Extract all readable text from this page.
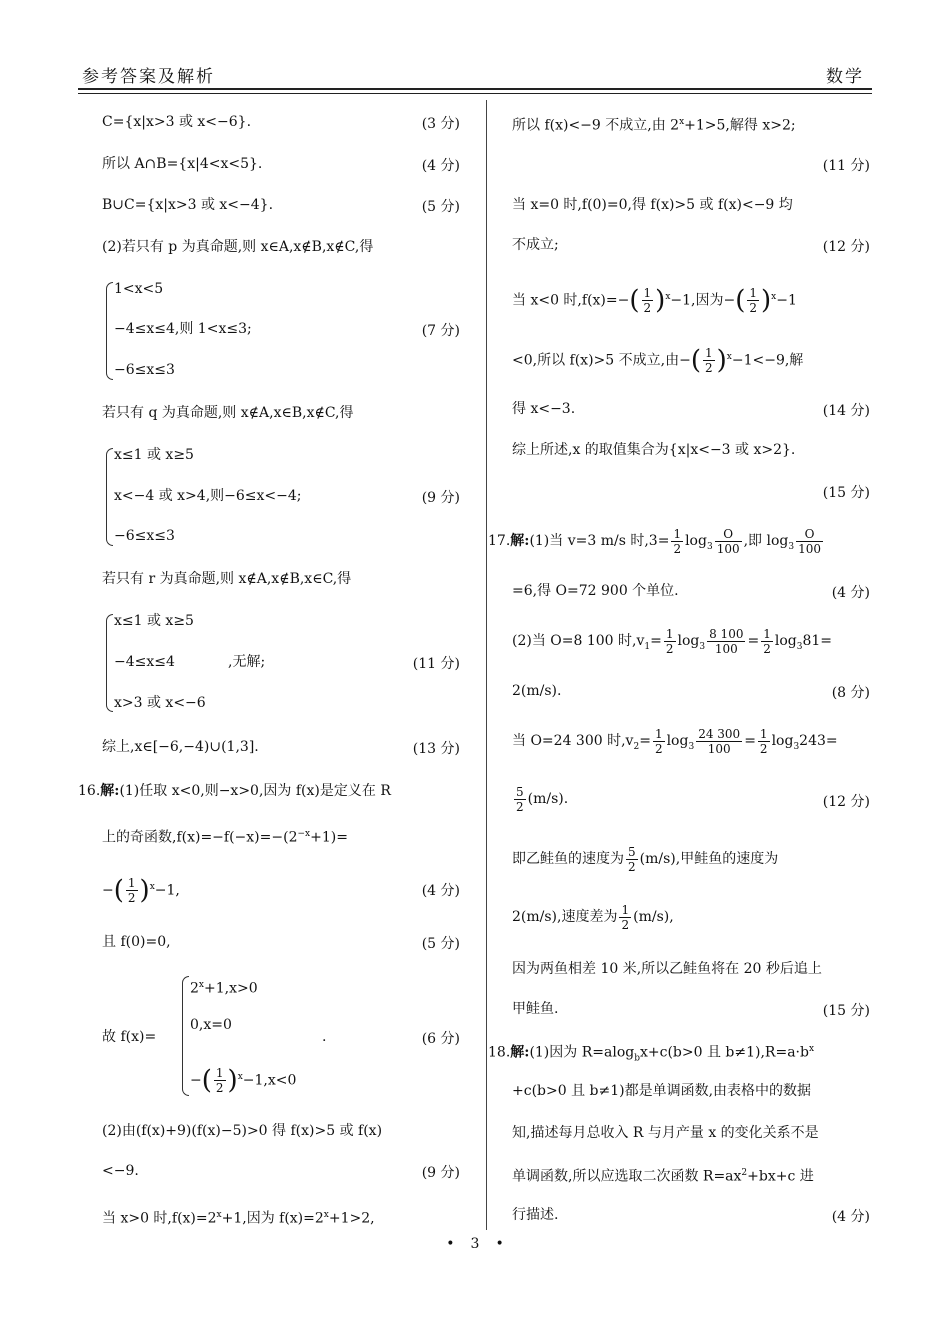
参考答案及解析	数学
C={x|x>3 或 x<−6}.	(3 分)
所以 A∩B={x|4<x<5}.	(4 分)
B∪C={x|x>3 或 x<−4}.	(5 分)
(2)若只有 p 为真命题,则 x∈A,x∉B,x∉C,得
1<x<5
−4≤x≤4,则 1<x≤3;
−6≤x≤3
(7 分)
若只有 q 为真命题,则 x∉A,x∈B,x∉C,得
x≤1 或 x≥5
x<−4 或 x>4,则−6≤x<−4;
−6≤x≤3
(9 分)
若只有 r 为真命题,则 x∉A,x∉B,x∈C,得
x≤1 或 x≥5
−4≤x≤4	,无解;
x>3 或 x<−6
(11 分)
综上,x∈[−6,−4)∪(1,3].	(13 分)
16.解:(1)任取 x<0,则−x>0,因为 f(x)是定义在 R
上的奇函数$,f(x)=-f(-x)=-(2^{-x}+1)=$
−( $\frac{1}{2} )^x-1$,	(4 分)
且 f(0)=0,	(5 分)
故 f(x)=
$2^x+1,x>0$
0,x=0
−( $\frac{1}{2} )^x-1,x<0$
.	(6 分)
(2)由(f(x)+9)(f(x)−5)>0 得 f(x)>5 或 f(x)
<−9.	(9 分)
当 x>0 时$,f(x)=2^x+1$,因为 $f(x)=2^x+1>2$,
所以 f(x)<−9 不成立,由 $2^x+1>5$,解得 x>2;
(11 分)
当 x=0 时,f(0)=0,得 f(x)>5 或 f(x)<−9 均
不成立;	(12 分)
当 x<0 时$,f(x)=-( \frac{1}{2} )^x-1$,因为−( $\frac{1}{2} )^x-1$
<0,所以 f(x)>5 不成立,由−( $\frac{1}{2} )^x-1<-9$,解
得 x<−3.	(14 分)
综上所述,x 的取值集合为{x|x<−3 或 x>2}.
(15 分)
17.解:(1)当 v=3 m/s 时$,3= \frac{1}{2} \log_3 \frac{O}{100}$ ,即 $\log_3 \frac{O}{100}$
=6,得 O=72 900 个单位.	(4 分)
(2)当 O=8 100 时$,v_1= \frac{1}{2} \log_3 \frac{8 100}{100} = \frac{1}{2} \log_381=$
2(m/s).	(8 分)
当 O=24 300 时$,v_2= \frac{1}{2} \log_3 \frac{24 300}{100} = \frac{1}{2} \log_3243=$
$\frac{5}{2} (m/s)$.	(12 分)
即乙鲑鱼的速度为 $\frac{5}{2} (m/s)$,甲鲑鱼的速度为
2(m/s),速度差为 $\frac{1}{2} (m/s)$,
因为两鱼相差 10 米,所以乙鲑鱼将在 20 秒后追上
甲鲑鱼.	(15 分)
18.解:(1)因为 R=alog$_b$x+c(b>0 且 $b\ne 1),R=a\cdot b^x$
+c(b>0 且 b≠1)都是单调函数,由表格中的数据
知,描述每月总收入 R 与月产量 x 的变化关系不是
单调函数,所以应选取二次函数 $R=ax^2+bx+c$ 进
行描述.	(4 分)
• 3 •
